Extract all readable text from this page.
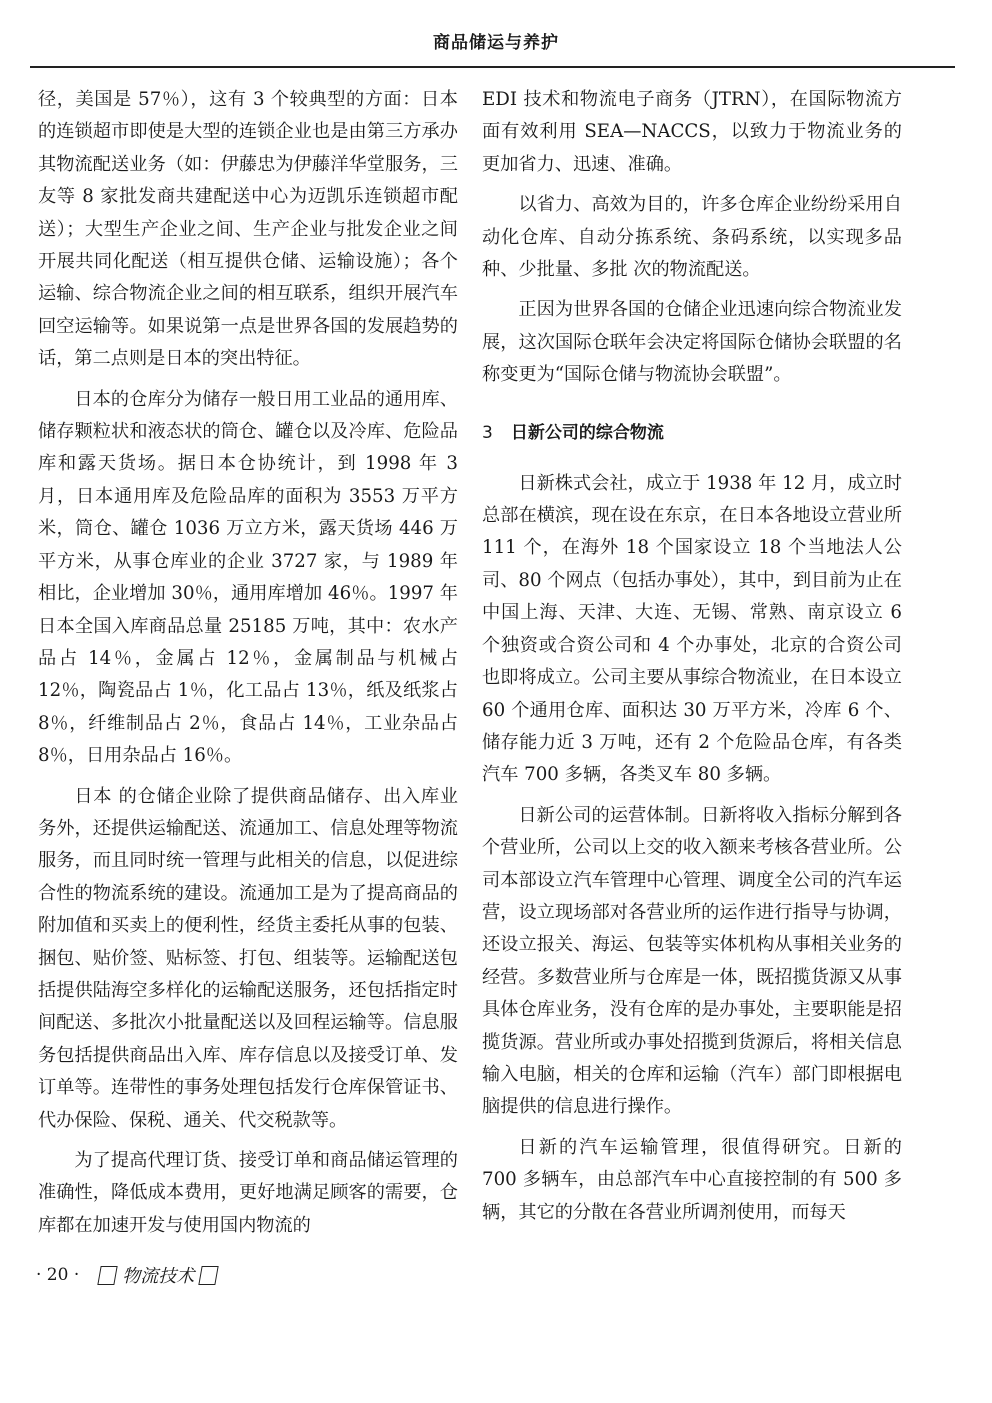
商品储运与养护

径，美国是 57％），这有 3 个较典型的方面：日本的连锁超市即使是大型的连锁企业也是由第三方承办其物流配送业务（如：伊藤忠为伊藤洋华堂服务，三友等 8 家批发商共建配送中心为迈凯乐连锁超市配送）；大型生产企业之间、生产企业与批发企业之间开展共同化配送（相互提供仓储、运输设施）；各个运输、综合物流企业之间的相互联系，组织开展汽车回空运输等。如果说第一点是世界各国的发展趋势的话，第二点则是日本的突出特征。

日本的仓库分为储存一般日用工业品的通用库、储存颗粒状和液态状的筒仓、罐仓以及冷库、危险品库和露天货场。据日本仓协统计，到 1998 年 3 月，日本通用库及危险品库的面积为 3553 万平方米，筒仓、罐仓 1036 万立方米，露天货场 446 万平方米，从事仓库业的企业 3727 家，与 1989 年相比，企业增加 30％，通用库增加 46％。1997 年日本全国入库商品总量 25185 万吨，其中：农水产品占 14％，金属占 12％，金属制品与机械占 12％，陶瓷品占 1％，化工品占 13％，纸及纸浆占 8％，纤维制品占 2％，食品占 14％，工业杂品占 8％，日用杂品占 16％。

日本 的仓储企业除了提供商品储存、出入库业务外，还提供运输配送、流通加工、信息处理等物流服务，而且同时统一管理与此相关的信息，以促进综合性的物流系统的建设。流通加工是为了提高商品的附加值和买卖上的便利性，经货主委托从事的包装、捆包、贴价签、贴标签、打包、组装等。运输配送包括提供陆海空多样化的运输配送服务，还包括指定时间配送、多批次小批量配送以及回程运输等。信息服务包括提供商品出入库、库存信息以及接受订单、发订单等。连带性的事务处理包括发行仓库保管证书、代办保险、保税、通关、代交税款等。

为了提高代理订货、接受订单和商品储运管理的准确性，降低成本费用，更好地满足顾客的需要，仓库都在加速开发与使用国内物流的

EDI 技术和物流电子商务（JTRN），在国际物流方面有效利用 SEA—NACCS，以致力于物流业务的更加省力、迅速、准确。

以省力、高效为目的，许多仓库企业纷纷采用自动化仓库、自动分拣系统、条码系统，以实现多品种、少批量、多批 次的物流配送。

正因为世界各国的仓储企业迅速向综合物流业发展，这次国际仓联年会决定将国际仓储协会联盟的名称变更为“国际仓储与物流协会联盟”。

3 日新公司的综合物流

日新株式会社，成立于 1938 年 12 月，成立时总部在横滨，现在设在东京，在日本各地设立营业所 111 个，在海外 18 个国家设立 18 个当地法人公司、80 个网点（包括办事处），其中，到目前为止在中国上海、天津、大连、无锡、常熟、南京设立 6 个独资或合资公司和 4 个办事处，北京的合资公司也即将成立。公司主要从事综合物流业，在日本设立 60 个通用仓库、面积达 30 万平方米，冷库 6 个、储存能力近 3 万吨，还有 2 个危险品仓库，有各类汽车 700 多辆，各类叉车 80 多辆。

日新公司的运营体制。日新将收入指标分解到各个营业所，公司以上交的收入额来考核各营业所。公司本部设立汽车管理中心管理、调度全公司的汽车运营，设立现场部对各营业所的运作进行指导与协调，还设立报关、海运、包装等实体机构从事相关业务的经营。多数营业所与仓库是一体，既招揽货源又从事具体仓库业务，没有仓库的是办事处，主要职能是招揽货源。营业所或办事处招揽到货源后，将相关信息输入电脑，相关的仓库和运输（汽车）部门即根据电脑提供的信息进行操作。

日新的汽车运输管理，很值得研究。日新的 700 多辆车，由总部汽车中心直接控制的有 500 多辆，其它的分散在各营业所调剂使用，而每天

· 20 · 物流技术
